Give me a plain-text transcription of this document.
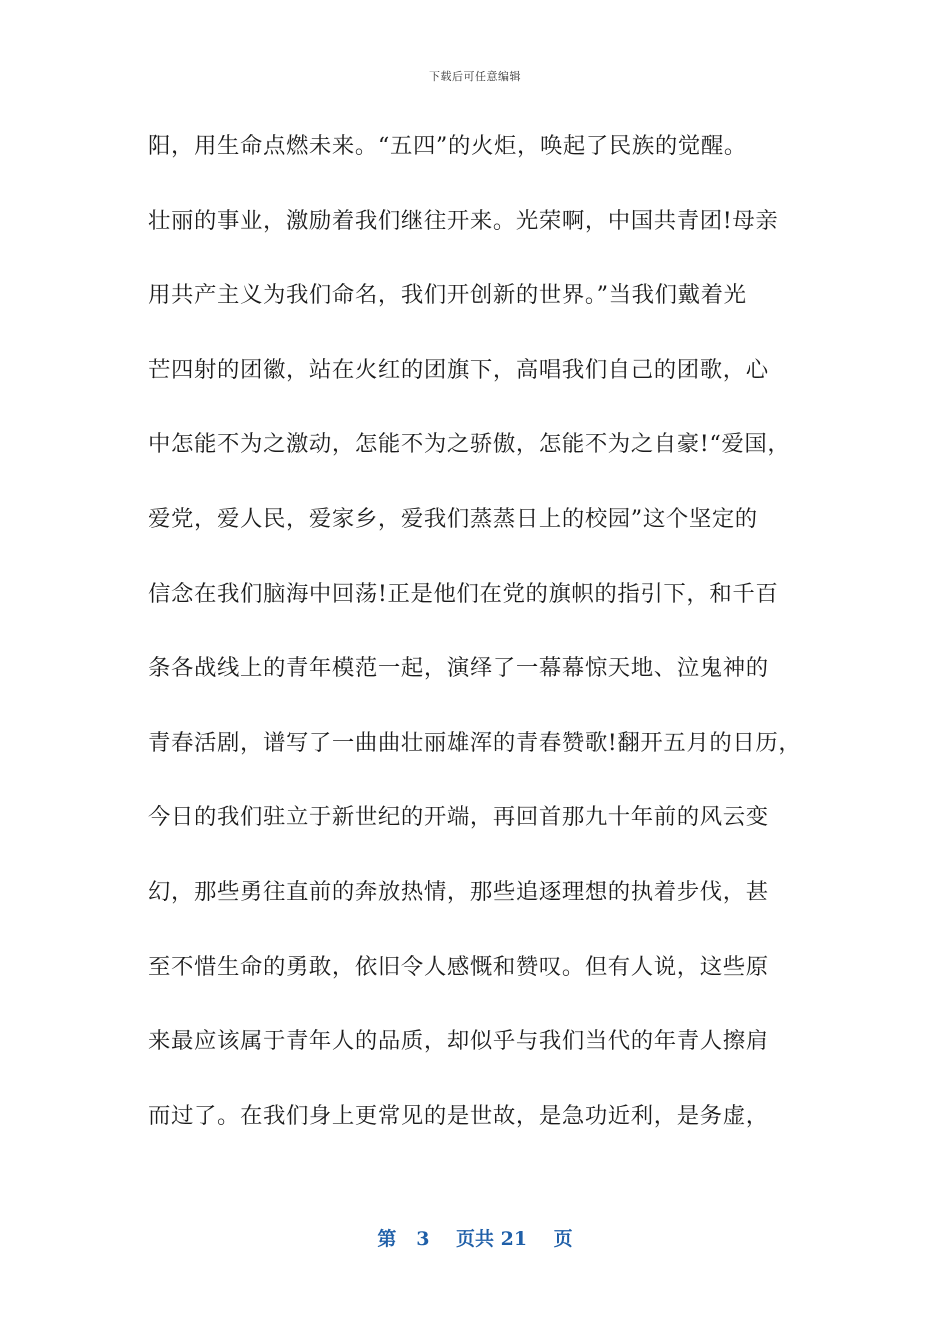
下载后可任意编辑
阳，用生命点燃未来。“五四”的火炬，唤起了民族的觉醒。
壮丽的事业，激励着我们继往开来。光荣啊，中国共青团!母亲
用共产主义为我们命名，我们开创新的世界。”当我们戴着光
芒四射的团徽，站在火红的团旗下，高唱我们自己的团歌，心
中怎能不为之激动，怎能不为之骄傲，怎能不为之自豪!“爱国，
爱党，爱人民，爱家乡，爱我们蒸蒸日上的校园”这个坚定的
信念在我们脑海中回荡!正是他们在党的旗帜的指引下，和千百
条各战线上的青年模范一起，演绎了一幕幕惊天地、泣鬼神的
青春活剧，谱写了一曲曲壮丽雄浑的青春赞歌!翻开五月的日历，
今日的我们驻立于新世纪的开端，再回首那九十年前的风云变
幻，那些勇往直前的奔放热情，那些追逐理想的执着步伐，甚
至不惜生命的勇敢，依旧令人感慨和赞叹。但有人说，这些原
来最应该属于青年人的品质，却似乎与我们当代的年青人擦肩
而过了。在我们身上更常见的是世故，是急功近利，是务虚，
第 3 页共 21 页
